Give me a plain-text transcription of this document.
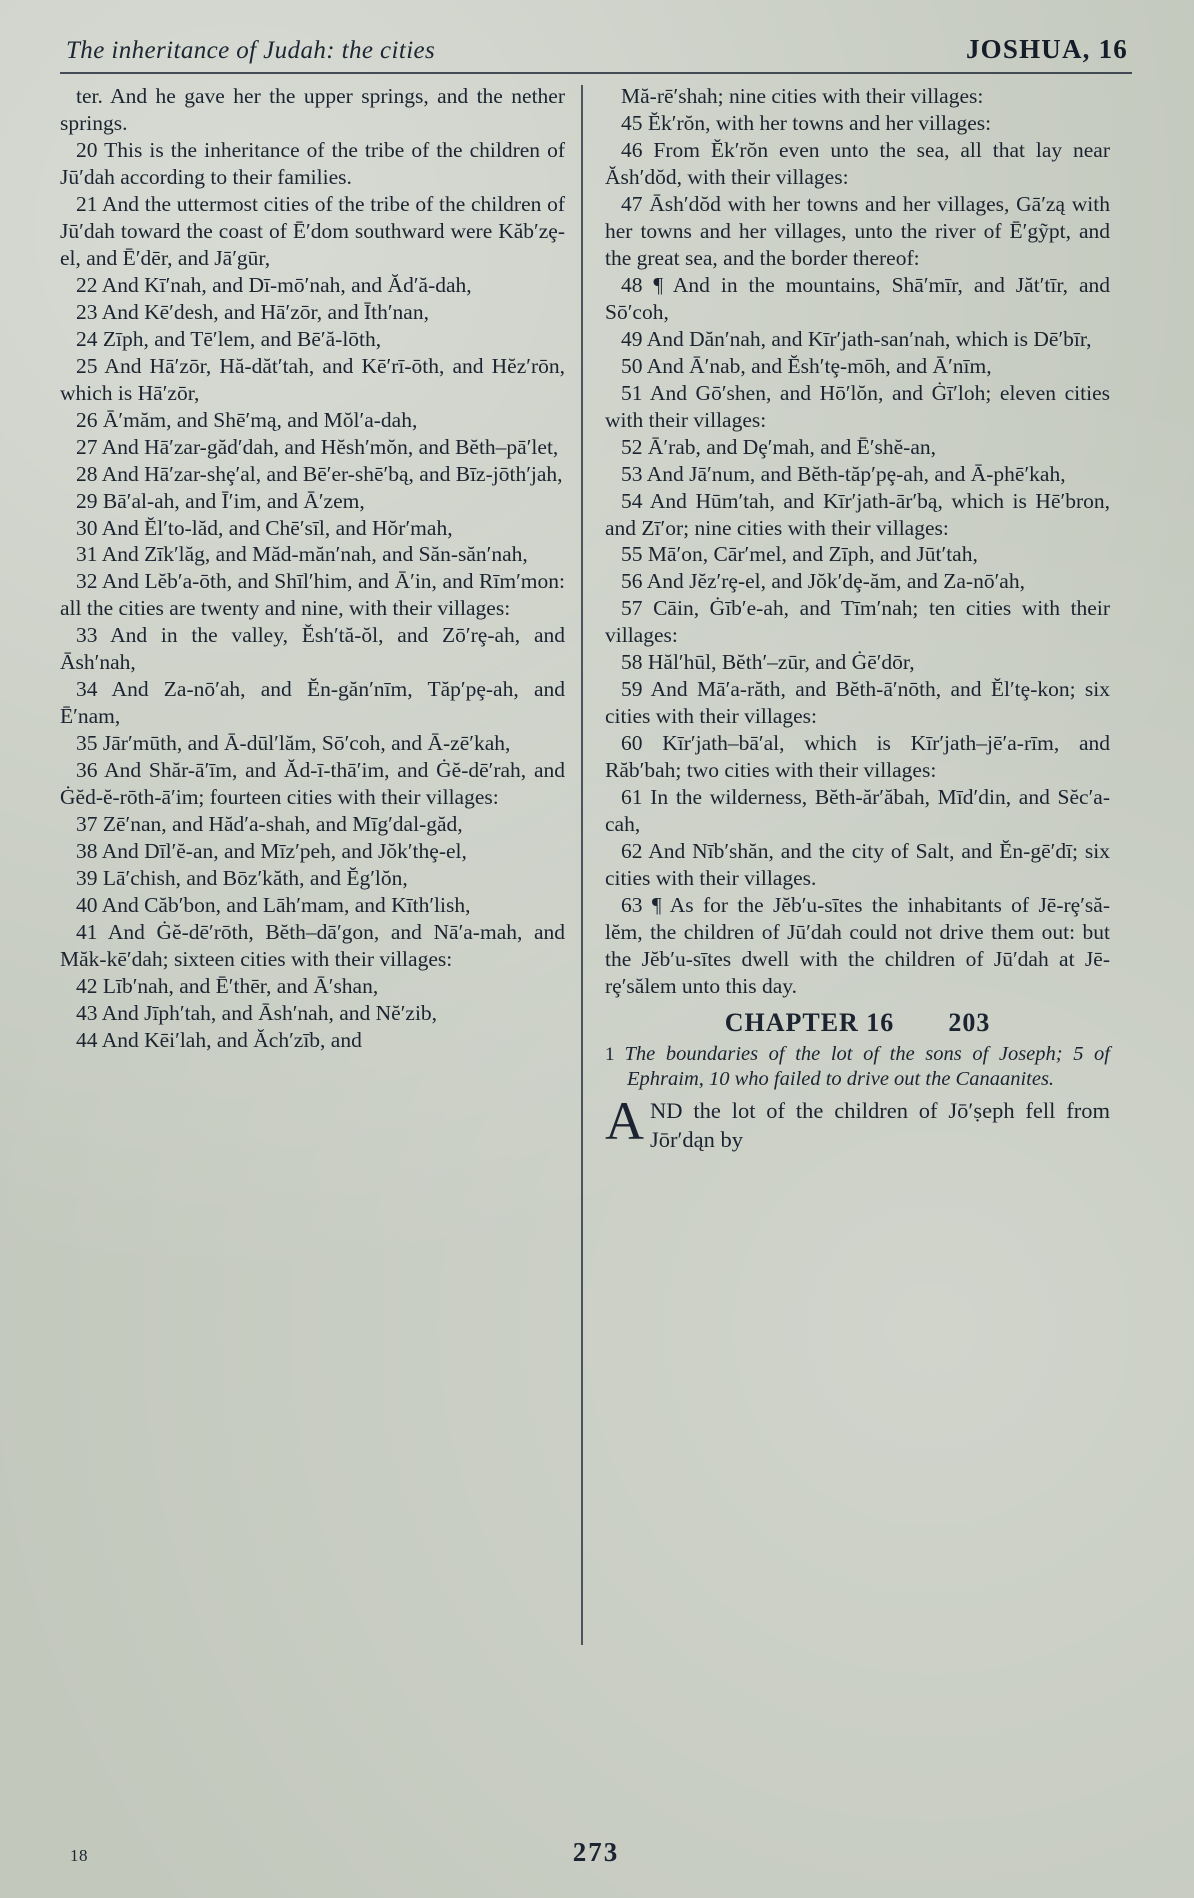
The inheritance of Judah: the cities	JOSHUA, 16

ter. And he gave her the upper springs, and the nether springs.

20 This is the inheritance of the tribe of the children of Jū′dah according to their families.

21 And the uttermost cities of the tribe of the children of Jū′dah toward the coast of Ē′dom southward were Kăb′zȩ-el, and Ē′dēr, and Jā′gūr,

22 And Kī′nah, and Dī-mō′nah, and Ăd′ă-dah,

23 And Kē′desh, and Hā′zōr, and Īth′nan,

24 Zīph, and Tē′lem, and Bē′ă-lōth,

25 And Hā′zōr, Hă-dăt′tah, and Kē′rī-ōth, and Hĕz′rōn, which is Hā′zōr,

26 Ā′măm, and Shē′mą, and Mŏl′a-dah,

27 And Hā′zar-găd′dah, and Hĕsh′mŏn, and Bĕth–pā′let,

28 And Hā′zar-shȩ′al, and Bē′er-shē′bą, and Bīz-jōth′jah,

29 Bā′al-ah, and Ī′im, and Ā′zem,

30 And Ĕl′to-lăd, and Chē′sīl, and Hŏr′mah,

31 And Zīk′lăg, and Măd-măn′nah, and Săn-săn′nah,

32 And Lĕb′a-ōth, and Shīl′him, and Ā′in, and Rīm′mon: all the cities are twenty and nine, with their villages:

33 And in the valley, Ĕsh′tă-ŏl, and Zō′rȩ-ah, and Āsh′nah,

34 And Za-nō′ah, and Ĕn-găn′nīm, Tăp′pȩ-ah, and Ē′nam,

35 Jār′mūth, and Ā-dūl′lăm, Sō′coh, and Ā-zē′kah,

36 And Shăr-ā′īm, and Ăd-ī-thā′im, and Ġĕ-dē′rah, and Ġĕd-ĕ-rōth-ā′im; fourteen cities with their villages:

37 Zē′nan, and Hăd′a-shah, and Mīg′dal-găd,

38 And Dīl′ĕ-an, and Mīz′peh, and Jŏk′thȩ-el,

39 Lā′chish, and Bōz′kăth, and Ĕg′lŏn,

40 And Căb′bon, and Lāh′mam, and Kīth′lish,

41 And Ġĕ-dē′rōth, Bĕth–dā′gon, and Nā′a-mah, and Măk-kē′dah; sixteen cities with their villages:

42 Līb′nah, and Ē′thēr, and Ā′shan,

43 And Jīph′tah, and Āsh′nah, and Nĕ′zib,

44 And Kēi′lah, and Ăch′zīb, and

Mă-rē′shah; nine cities with their villages:

45 Ĕk′rŏn, with her towns and her villages:

46 From Ĕk′rŏn even unto the sea, all that lay near Ăsh′dŏd, with their villages:

47 Āsh′dŏd with her towns and her villages, Gā′zą with her towns and her villages, unto the river of Ē′gỹpt, and the great sea, and the border thereof:

48 ¶ And in the mountains, Shā′mīr, and Jăt′tīr, and Sō′coh,

49 And Dăn′nah, and Kīr′jath-san′nah, which is Dē′bīr,

50 And Ā′nab, and Ĕsh′tȩ-mōh, and Ā′nīm,

51 And Gō′shen, and Hō′lŏn, and Ġī′loh; eleven cities with their villages:

52 Ā′rab, and Dȩ′mah, and Ē′shĕ-an,

53 And Jā′num, and Bĕth-tăp′pȩ-ah, and Ā-phē′kah,

54 And Hūm′tah, and Kīr′jath-ār′bą, which is Hē′bron, and Zī′or; nine cities with their villages:

55 Mā′on, Cār′mel, and Zīph, and Jūt′tah,

56 And Jĕz′rȩ-el, and Jŏk′dȩ-ăm, and Za-nō′ah,

57 Cāin, Ġīb′e-ah, and Tīm′nah; ten cities with their villages:

58 Hăl′hūl, Bĕth′–zūr, and Ġē′dōr,

59 And Mā′a-răth, and Bĕth-ā′nōth, and Ĕl′tȩ-kon; six cities with their villages:

60 Kīr′jath–bā′al, which is Kīr′jath–jē′a-rīm, and Răb′bah; two cities with their villages:

61 In the wilderness, Bĕth-ăr′ăbah, Mīd′din, and Sĕc′a-cah,

62 And Nīb′shăn, and the city of Salt, and Ĕn-gē′dī; six cities with their villages.

63 ¶ As for the Jĕb′u-sītes the inhabitants of Jē-rȩ′să-lĕm, the children of Jū′dah could not drive them out: but the Jĕb′u-sītes dwell with the children of Jū′dah at Jē-rȩ′sălem unto this day.

CHAPTER 16 203

1 The boundaries of the lot of the sons of Joseph; 5 of Ephraim, 10 who failed to drive out the Canaanites.

AND the lot of the children of Jō′ṣeph fell from Jōr′dąn by

18	273
